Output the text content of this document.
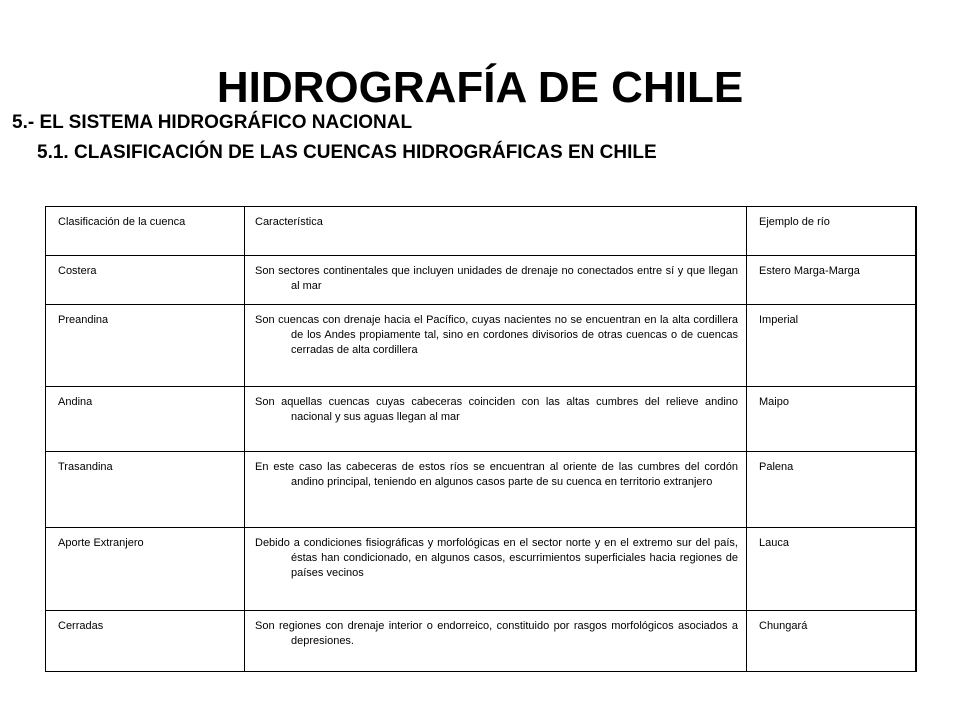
HIDROGRAFÍA DE CHILE
5.- EL SISTEMA HIDROGRÁFICO NACIONAL
5.1. CLASIFICACIÓN DE LAS CUENCAS HIDROGRÁFICAS EN CHILE
Clasificación de la cuenca	Característica	Ejemplo de río
Costera	Son sectores continentales que incluyen unidades de drenaje no conectados entre sí y que llegan al mar	Estero Marga-Marga
Preandina	Son cuencas con drenaje hacia el Pacífico, cuyas nacientes no se encuentran en la alta cordillera de los Andes propiamente tal, sino en cordones divisorios de otras cuencas o de cuencas cerradas de alta cordillera	Imperial
Andina	Son aquellas cuencas cuyas cabeceras coinciden con las altas cumbres del relieve andino nacional y sus aguas llegan al mar	Maipo
Trasandina	En este caso las cabeceras de estos ríos se encuentran al oriente de las cumbres del cordón andino principal, teniendo en algunos casos parte de su cuenca en territorio extranjero	Palena
Aporte Extranjero	Debido a condiciones fisiográficas y morfológicas en el sector norte y en el extremo sur del país, éstas han condicionado, en algunos casos, escurrimientos superficiales hacia regiones de países vecinos	Lauca
Cerradas	Son regiones con drenaje interior o endorreico, constituido por rasgos morfológicos asociados a depresiones.	Chungará
